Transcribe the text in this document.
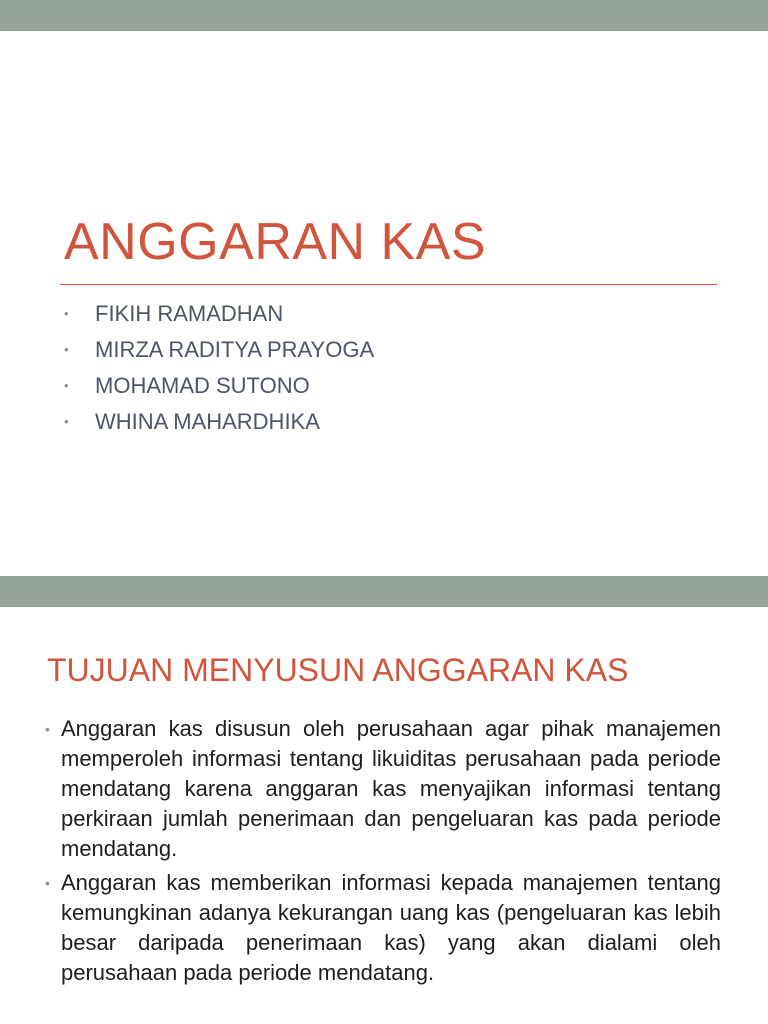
ANGGARAN KAS
• FIKIH RAMADHAN
• MIRZA RADITYA PRAYOGA
• MOHAMAD SUTONO
• WHINA MAHARDHIKA
TUJUAN MENYUSUN ANGGARAN KAS
• Anggaran kas disusun oleh perusahaan agar pihak manajemen memperoleh informasi tentang likuiditas perusahaan pada periode mendatang karena anggaran kas menyajikan informasi tentang perkiraan jumlah penerimaan dan pengeluaran kas pada periode mendatang.
• Anggaran kas memberikan informasi kepada manajemen tentang kemungkinan adanya kekurangan uang kas (pengeluaran kas lebih besar daripada penerimaan kas) yang akan dialami oleh perusahaan pada periode mendatang.
